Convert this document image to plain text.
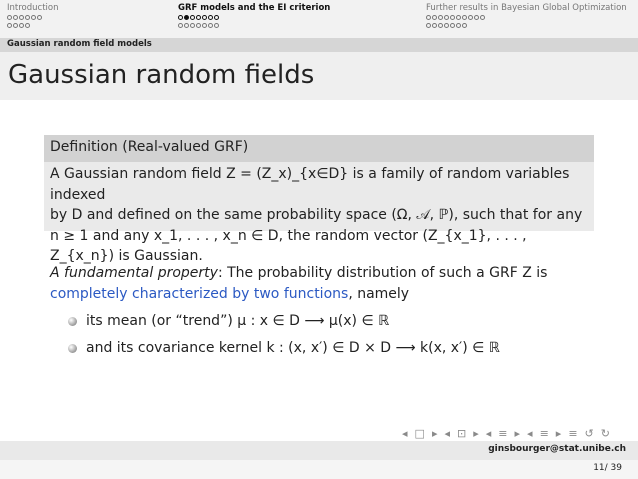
Introduction	GRF models and the EI criterion	Further results in Bayesian Global Optimization
Gaussian random field models
Gaussian random fields
Definition (Real-valued GRF)
A Gaussian random field Z = (Z_x)_{x∈D} is a family of random variables indexed
by D and defined on the same probability space (Ω, 𝒜, ℙ), such that for any
n ≥ 1 and any x_1, . . . , x_n ∈ D, the random vector (Z_{x_1}, . . . , Z_{x_n}) is Gaussian.
A fundamental property: The probability distribution of such a GRF Z is
completely characterized by two functions, namely
its mean (or “trend”) μ : x ∈ D ⟶ μ(x) ∈ ℝ
and its covariance kernel k : (x, x′) ∈ D × D ⟶ k(x, x′) ∈ ℝ
◂ □ ▸ ◂ ⊡ ▸ ◂ ≡ ▸ ◂ ≡ ▸ ≡ ↺ ↻
ginsbourger@stat.unibe.ch
11/ 39
